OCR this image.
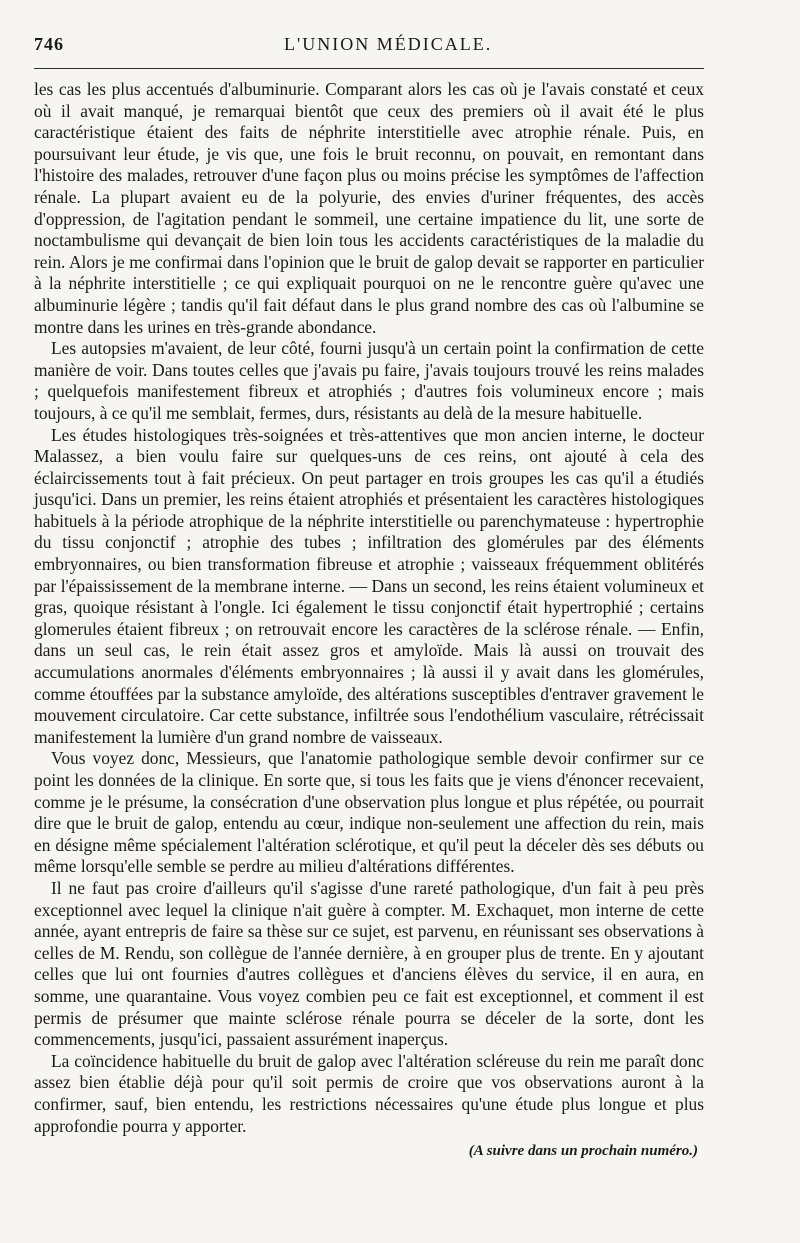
746	L'UNION MÉDICALE.

les cas les plus accentués d'albuminurie. Comparant alors les cas où je l'avais constaté et ceux où il avait manqué, je remarquai bientôt que ceux des premiers où il avait été le plus caractéristique étaient des faits de néphrite interstitielle avec atrophie rénale. Puis, en poursuivant leur étude, je vis que, une fois le bruit reconnu, on pouvait, en remontant dans l'histoire des malades, retrouver d'une façon plus ou moins précise les symptômes de l'affection rénale. La plupart avaient eu de la polyurie, des envies d'uriner fréquentes, des accès d'oppression, de l'agitation pendant le sommeil, une certaine impatience du lit, une sorte de noctambulisme qui devançait de bien loin tous les accidents caractéristiques de la maladie du rein. Alors je me confirmai dans l'opinion que le bruit de galop devait se rapporter en particulier à la néphrite interstitielle ; ce qui expliquait pourquoi on ne le rencontre guère qu'avec une albuminurie légère ; tandis qu'il fait défaut dans le plus grand nombre des cas où l'albumine se montre dans les urines en très-grande abondance.

Les autopsies m'avaient, de leur côté, fourni jusqu'à un certain point la confirmation de cette manière de voir. Dans toutes celles que j'avais pu faire, j'avais toujours trouvé les reins malades ; quelquefois manifestement fibreux et atrophiés ; d'autres fois volumineux encore ; mais toujours, à ce qu'il me semblait, fermes, durs, résistants au delà de la mesure habituelle.

Les études histologiques très-soignées et très-attentives que mon ancien interne, le docteur Malassez, a bien voulu faire sur quelques-uns de ces reins, ont ajouté à cela des éclaircissements tout à fait précieux. On peut partager en trois groupes les cas qu'il a étudiés jusqu'ici. Dans un premier, les reins étaient atrophiés et présentaient les caractères histologiques habituels à la période atrophique de la néphrite interstitielle ou parenchymateuse : hypertrophie du tissu conjonctif ; atrophie des tubes ; infiltration des glomérules par des éléments embryonnaires, ou bien transformation fibreuse et atrophie ; vaisseaux fréquemment oblitérés par l'épaississement de la membrane interne. — Dans un second, les reins étaient volumineux et gras, quoique résistant à l'ongle. Ici également le tissu conjonctif était hypertrophié ; certains glomerules étaient fibreux ; on retrouvait encore les caractères de la sclérose rénale. — Enfin, dans un seul cas, le rein était assez gros et amyloïde. Mais là aussi on trouvait des accumulations anormales d'éléments embryonnaires ; là aussi il y avait dans les glomérules, comme étouffées par la substance amyloïde, des altérations susceptibles d'entraver gravement le mouvement circulatoire. Car cette substance, infiltrée sous l'endothélium vasculaire, rétrécissait manifestement la lumière d'un grand nombre de vaisseaux.

Vous voyez donc, Messieurs, que l'anatomie pathologique semble devoir confirmer sur ce point les données de la clinique. En sorte que, si tous les faits que je viens d'énoncer recevaient, comme je le présume, la consécration d'une observation plus longue et plus répétée, ou pourrait dire que le bruit de galop, entendu au cœur, indique non-seulement une affection du rein, mais en désigne même spécialement l'altération sclérotique, et qu'il peut la déceler dès ses débuts ou même lorsqu'elle semble se perdre au milieu d'altérations différentes.

Il ne faut pas croire d'ailleurs qu'il s'agisse d'une rareté pathologique, d'un fait à peu près exceptionnel avec lequel la clinique n'ait guère à compter. M. Exchaquet, mon interne de cette année, ayant entrepris de faire sa thèse sur ce sujet, est parvenu, en réunissant ses observations à celles de M. Rendu, son collègue de l'année dernière, à en grouper plus de trente. En y ajoutant celles que lui ont fournies d'autres collègues et d'anciens élèves du service, il en aura, en somme, une quarantaine. Vous voyez combien peu ce fait est exceptionnel, et comment il est permis de présumer que mainte sclérose rénale pourra se déceler de la sorte, dont les commencements, jusqu'ici, passaient assurément inaperçus.

La coïncidence habituelle du bruit de galop avec l'altération scléreuse du rein me paraît donc assez bien établie déjà pour qu'il soit permis de croire que vos observations auront à la confirmer, sauf, bien entendu, les restrictions nécessaires qu'une étude plus longue et plus approfondie pourra y apporter.

(A suivre dans un prochain numéro.)
